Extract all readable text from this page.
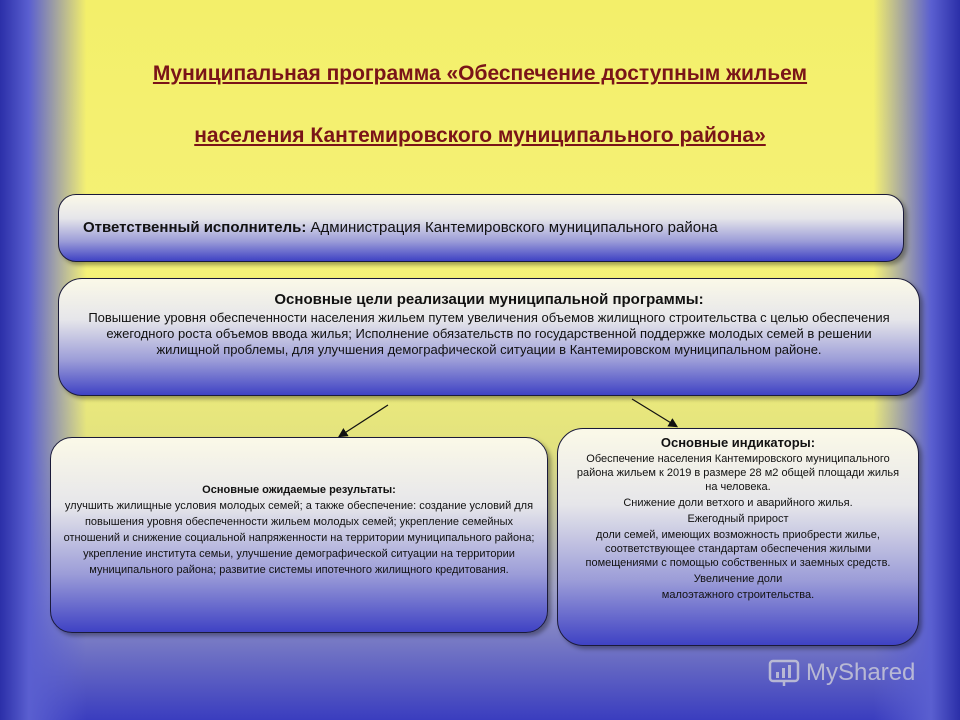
Муниципальная программа «Обеспечение доступным жильем
населения Кантемировского муниципального района»
Ответственный исполнитель: Администрация Кантемировского муниципального района
Основные цели реализации муниципальной программы:
Повышение уровня обеспеченности населения жильем путем увеличения объемов жилищного строительства с целью обеспечения ежегодного роста объемов ввода жилья; Исполнение обязательств по государственной поддержке молодых семей в решении жилищной проблемы, для улучшения демографической ситуации в Кантемировском муниципальном районе.
Основные ожидаемые результаты:
улучшить жилищные условия молодых семей; а также обеспечение: создание условий для повышения уровня обеспеченности жильем молодых семей; укрепление семейных отношений и снижение социальной напряженности на территории муниципального района; укрепление института семьи, улучшение демографической ситуации на территории муниципального района; развитие системы ипотечного жилищного кредитования.
Основные индикаторы:
Обеспечение населения Кантемировского муниципального района жильем к 2019 в размере 28 м2 общей площади жилья на человека.
Снижение доли ветхого и аварийного жилья.
Ежегодный прирост
доли семей, имеющих возможность приобрести жилье, соответствующее стандартам обеспечения жилыми помещениями с помощью собственных и заемных средств.
Увеличение доли
малоэтажного строительства.
MyShared
